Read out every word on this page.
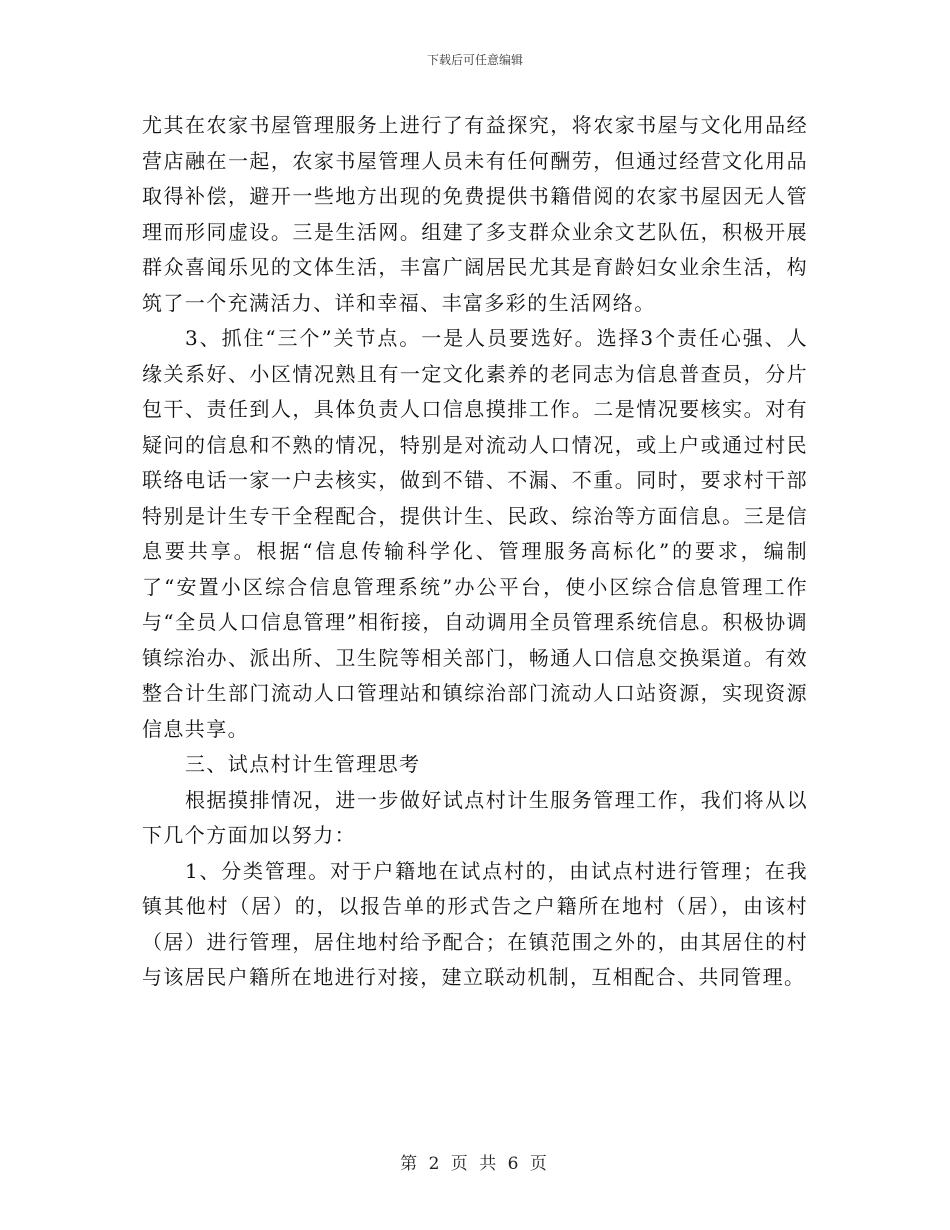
下载后可任意编辑

尤其在农家书屋管理服务上进行了有益探究，将农家书屋与文化用品经营店融在一起，农家书屋管理人员未有任何酬劳，但通过经营文化用品取得补偿，避开一些地方出现的免费提供书籍借阅的农家书屋因无人管理而形同虚设。三是生活网。组建了多支群众业余文艺队伍，积极开展群众喜闻乐见的文体生活，丰富广阔居民尤其是育龄妇女业余生活，构筑了一个充满活力、详和幸福、丰富多彩的生活网络。

3、抓住“三个”关节点。一是人员要选好。选择3个责任心强、人缘关系好、小区情况熟且有一定文化素养的老同志为信息普查员，分片包干、责任到人，具体负责人口信息摸排工作。二是情况要核实。对有疑问的信息和不熟的情况，特别是对流动人口情况，或上户或通过村民联络电话一家一户去核实，做到不错、不漏、不重。同时，要求村干部特别是计生专干全程配合，提供计生、民政、综治等方面信息。三是信息要共享。根据“信息传输科学化、管理服务高标化”的要求，编制了“安置小区综合信息管理系统”办公平台，使小区综合信息管理工作与“全员人口信息管理”相衔接，自动调用全员管理系统信息。积极协调镇综治办、派出所、卫生院等相关部门，畅通人口信息交换渠道。有效整合计生部门流动人口管理站和镇综治部门流动人口站资源，实现资源信息共享。

三、试点村计生管理思考

根据摸排情况，进一步做好试点村计生服务管理工作，我们将从以下几个方面加以努力：

1、分类管理。对于户籍地在试点村的，由试点村进行管理；在我镇其他村（居）的，以报告单的形式告之户籍所在地村（居），由该村（居）进行管理，居住地村给予配合；在镇范围之外的，由其居住的村与该居民户籍所在地进行对接，建立联动机制，互相配合、共同管理。

第 2 页 共 6 页
